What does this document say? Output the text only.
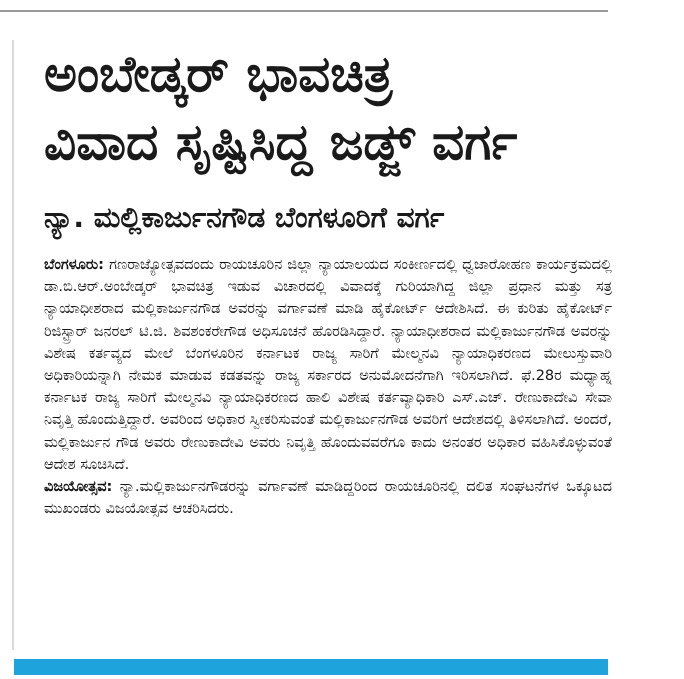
ಅಂಬೇಡ್ಕರ್ ಭಾವಚಿತ್ರ
ವಿವಾದ ಸೃಷ್ಟಿಸಿದ್ದ ಜಡ್ಜ್ ವರ್ಗ
ನ್ಯಾ. ಮಲ್ಲಿಕಾರ್ಜುನಗೌಡ ಬೆಂಗಳೂರಿಗೆ ವರ್ಗ

ಬೆಂಗಳೂರು: ಗಣರಾಜ್ಯೋತ್ಸವದಂದು ರಾಯಚೂರಿನ ಜಿಲ್ಲಾ ನ್ಯಾಯಾಲಯದ ಸಂಕೀರ್ಣದಲ್ಲಿ ಧ್ವಜಾರೋಹಣ ಕಾರ್ಯಕ್ರಮದಲ್ಲಿ ಡಾ.ಬಿ.ಆರ್.ಅಂಬೇಡ್ಕರ್ ಭಾವಚಿತ್ರ ಇಡುವ ವಿಚಾರದಲ್ಲಿ ವಿವಾದಕ್ಕೆ ಗುರಿಯಾಗಿದ್ದ ಜಿಲ್ಲಾ ಪ್ರಧಾನ ಮತ್ತು ಸತ್ರ ನ್ಯಾಯಾಧೀಶರಾದ ಮಲ್ಲಿಕಾರ್ಜುನಗೌಡ ಅವರನ್ನು ವರ್ಗಾವಣೆ ಮಾಡಿ ಹೈಕೋರ್ಟ್ ಆದೇಶಿಸಿದೆ. ಈ ಕುರಿತು ಹೈಕೋರ್ಟ್ ರಿಜಿಸ್ಟ್ರಾರ್ ಜನರಲ್ ಟಿ.ಜಿ. ಶಿವಶಂಕರೇಗೌಡ ಅಧಿಸೂಚನೆ ಹೊರಡಿಸಿದ್ದಾರೆ. ನ್ಯಾಯಾಧೀಶರಾದ ಮಲ್ಲಿಕಾರ್ಜುನಗೌಡ ಅವರನ್ನು ವಿಶೇಷ ಕರ್ತವ್ಯದ ಮೇಲೆ ಬೆಂಗಳೂರಿನ ಕರ್ನಾಟಕ ರಾಜ್ಯ ಸಾರಿಗೆ ಮೇಲ್ಮನವಿ ನ್ಯಾಯಾಧಿಕರಣದ ಮೇಲುಸ್ತುವಾರಿ ಅಧಿಕಾರಿಯನ್ನಾಗಿ ನೇಮಕ ಮಾಡುವ ಕಡತವನ್ನು ರಾಜ್ಯ ಸರ್ಕಾರದ ಅನುಮೋದನೆಗಾಗಿ ಇರಿಸಲಾಗಿದೆ. ಫೆ.28ರ ಮಧ್ಯಾಹ್ನ ಕರ್ನಾಟಕ ರಾಜ್ಯ ಸಾರಿಗೆ ಮೇಲ್ಮನವಿ ನ್ಯಾಯಾಧಿಕರಣದ ಹಾಲಿ ವಿಶೇಷ ಕರ್ತವ್ಯಾಧಿಕಾರಿ ಎಸ್.ಎಚ್. ರೇಣುಕಾದೇವಿ ಸೇವಾ ನಿವೃತ್ತಿ ಹೊಂದುತ್ತಿದ್ದಾರೆ. ಅವರಿಂದ ಅಧಿಕಾರ ಸ್ವೀಕರಿಸುವಂತೆ ಮಲ್ಲಿಕಾರ್ಜುನಗೌಡ ಅವರಿಗೆ ಆದೇಶದಲ್ಲಿ ತಿಳಿಸಲಾಗಿದೆ. ಅಂದರೆ, ಮಲ್ಲಿಕಾರ್ಜುನ ಗೌಡ ಅವರು ರೇಣುಕಾದೇವಿ ಅವರು ನಿವೃತ್ತಿ ಹೊಂದುವವರೆಗೂ ಕಾದು ಅನಂತರ ಅಧಿಕಾರ ವಹಿಸಿಕೊಳ್ಳುವಂತೆ ಆದೇಶ ಸೂಚಿಸಿದೆ.

ವಿಜಯೋತ್ಸವ: ನ್ಯಾ.ಮಲ್ಲಿಕಾರ್ಜುನಗೌಡರನ್ನು ವರ್ಗಾವಣೆ ಮಾಡಿದ್ದರಿಂದ ರಾಯಚೂರಿನಲ್ಲಿ ದಲಿತ ಸಂಘಟನೆಗಳ ಒಕ್ಕೂಟದ ಮುಖಂಡರು ವಿಜಯೋತ್ಸವ ಆಚರಿಸಿದರು.
